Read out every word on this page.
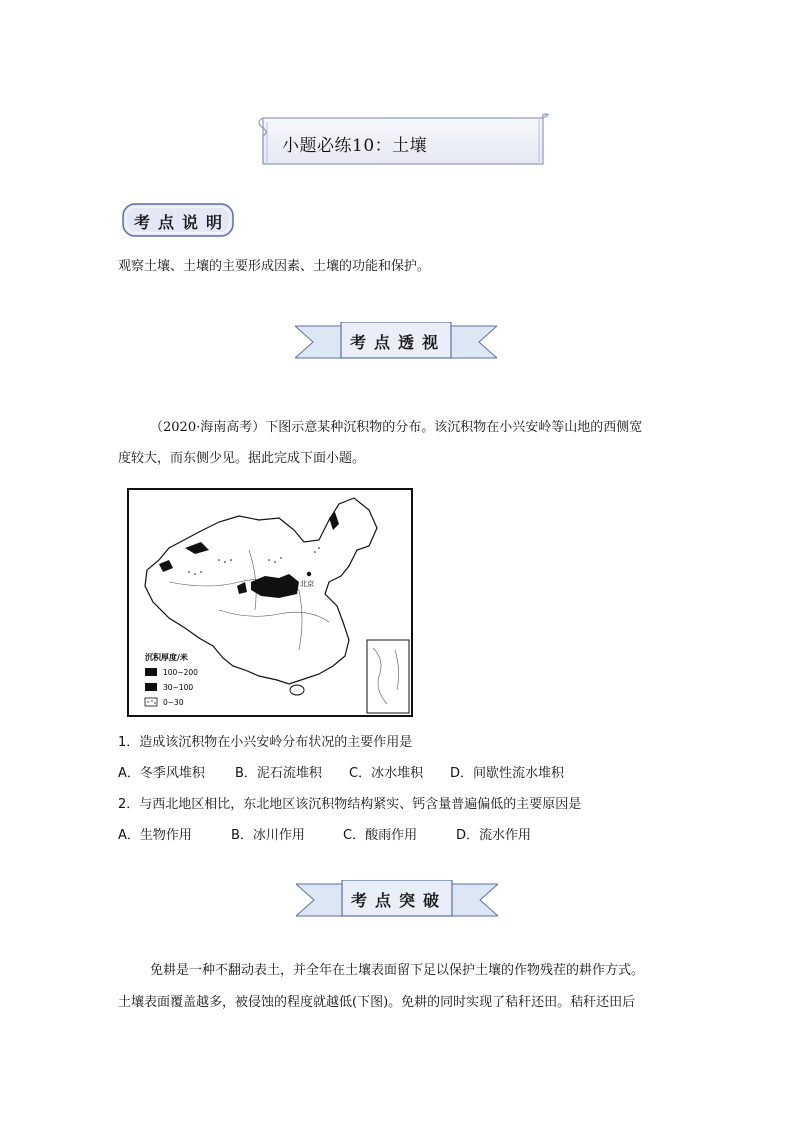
小题必练10：土壤
考点说明
观察土壤、土壤的主要形成因素、土壤的功能和保护。
考点透视
（2020·海南高考）下图示意某种沉积物的分布。该沉积物在小兴安岭等山地的西侧宽
度较大，而东侧少见。据此完成下面小题。
北京
沉积厚度/米
100~200
30~100
0~30
1．造成该沉积物在小兴安岭分布状况的主要作用是
A．冬季风堆积 B．泥石流堆积 C．冰水堆积 D．间歇性流水堆积
2．与西北地区相比，东北地区该沉积物结构紧实、钙含量普遍偏低的主要原因是
A．生物作用	B．冰川作用	C．酸雨作用	D．流水作用
考点突破
免耕是一种不翻动表土，并全年在土壤表面留下足以保护土壤的作物残茬的耕作方式。
土壤表面覆盖越多，被侵蚀的程度就越低(下图)。免耕的同时实现了秸秆还田。秸秆还田后
